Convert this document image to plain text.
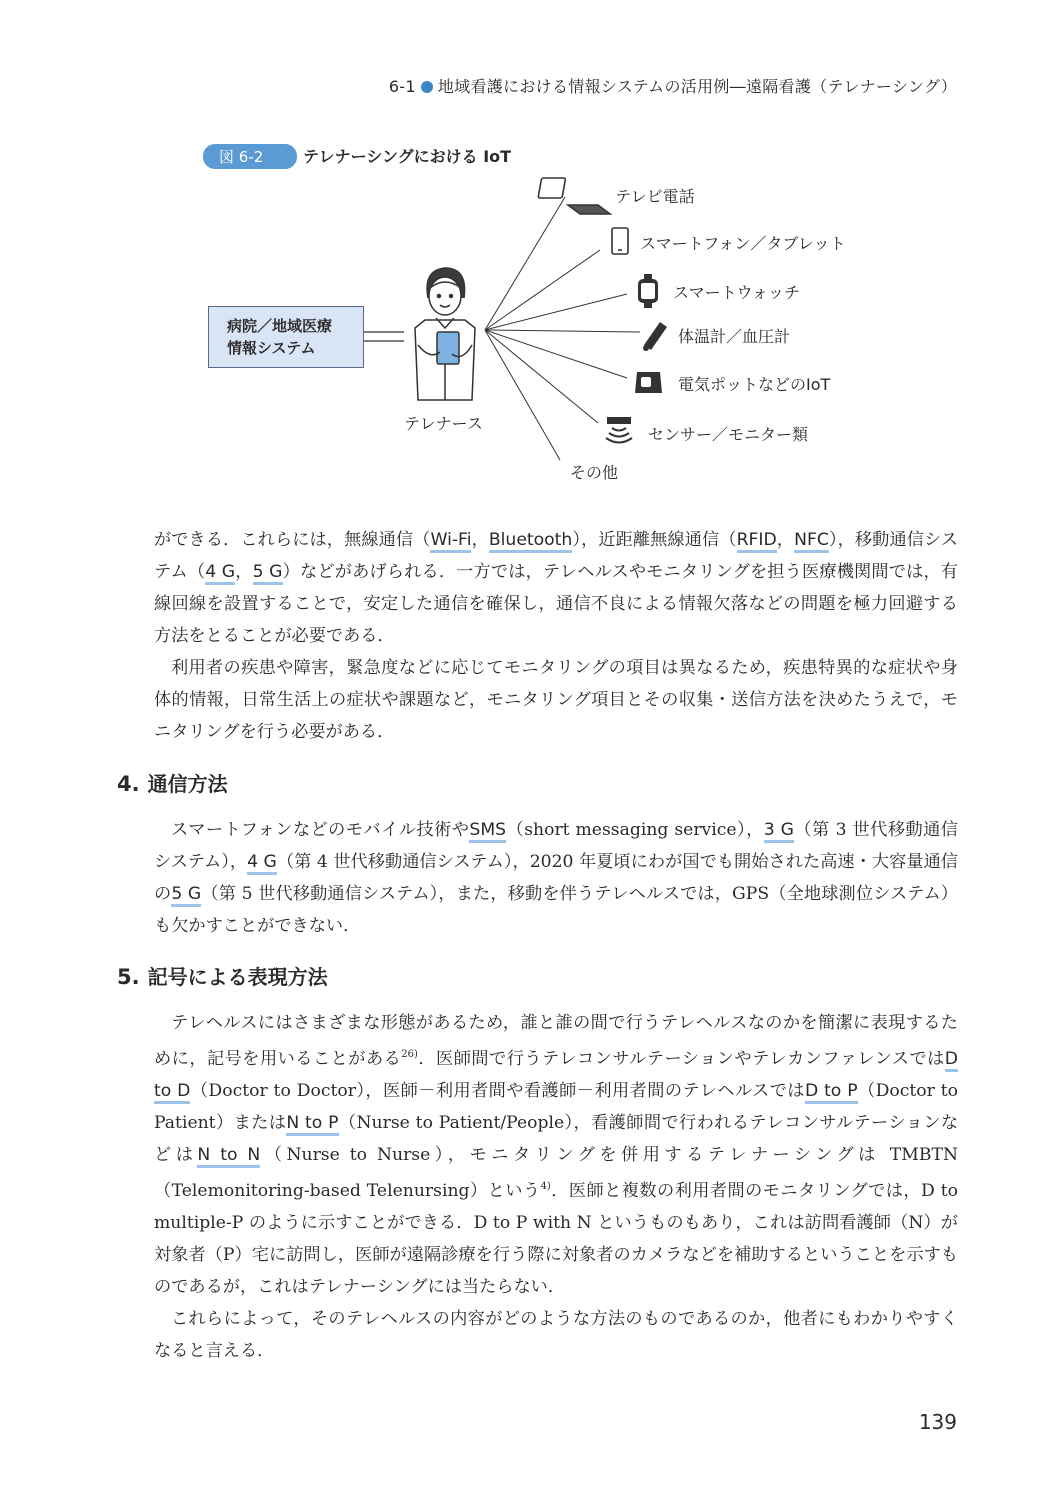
6-1 地域看護における情報システムの活用例―遠隔看護（テレナーシング）
図 6-2	テレナーシングにおける IoT
病院／地域医療
情報システム
テレナース
テレビ電話
スマートフォン／タブレット
スマートウォッチ
体温計／血圧計
電気ポットなどのIoT
センサー／モニター類
その他

ができる．これらには，無線通信（Wi-Fi，Bluetooth），近距離無線通信（RFID，NFC），移動通信システム（4 G，5 G）などがあげられる．一方では，テレヘルスやモニタリングを担う医療機関間では，有線回線を設置することで，安定した通信を確保し，通信不良による情報欠落などの問題を極力回避する方法をとることが必要である．

利用者の疾患や障害，緊急度などに応じてモニタリングの項目は異なるため，疾患特異的な症状や身体的情報，日常生活上の症状や課題など，モニタリング項目とその収集・送信方法を決めたうえで，モニタリングを行う必要がある．

4. 通信方法

スマートフォンなどのモバイル技術やSMS（short messaging service），3 G（第 3 世代移動通信システム），4 G（第 4 世代移動通信システム），2020 年夏頃にわが国でも開始された高速・大容量通信の5 G（第 5 世代移動通信システム），また，移動を伴うテレヘルスでは，GPS（全地球測位システム）も欠かすことができない．

5. 記号による表現方法

テレヘルスにはさまざまな形態があるため，誰と誰の間で行うテレヘルスなのかを簡潔に表現するために，記号を用いることがある$^{26)}$．医師間で行うテレコンサルテーションやテレカンファレンスではD to D（Doctor to Doctor），医師－利用者間や看護師－利用者間のテレヘルスではD to P（Doctor to Patient）またはN to P（Nurse to Patient/People），看護師間で行われるテレコンサルテーションなどはN to N（Nurse to Nurse），モニタリングを併用するテレナーシングは TMBTN（Telemonitoring-based Telenursing）という$^{4)}$．医師と複数の利用者間のモニタリングでは，D to multiple-P のように示すことができる．D to P with N というものもあり，これは訪問看護師（N）が対象者（P）宅に訪問し，医師が遠隔診療を行う際に対象者のカメラなどを補助するということを示すものであるが，これはテレナーシングには当たらない．

これらによって，そのテレヘルスの内容がどのような方法のものであるのか，他者にもわかりやすくなると言える．

139
